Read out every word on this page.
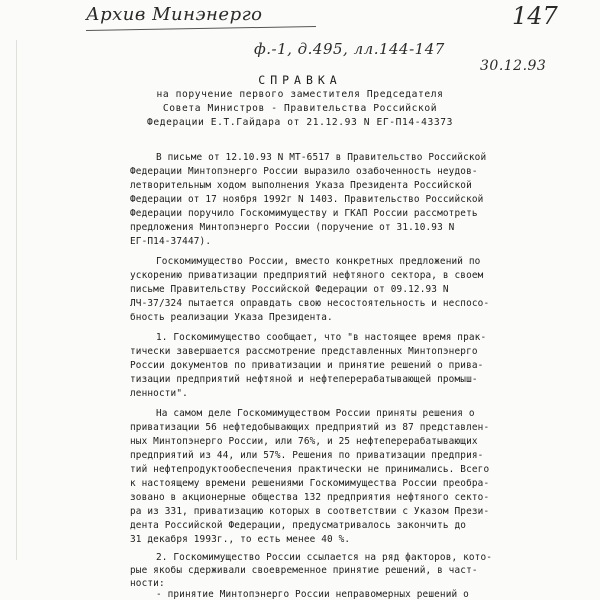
Архив Минэнерго
ф.-1, д.495, лл.144-147
147
30.12.93
СПРАВКА
на поручение первого заместителя Председателя
Совета Министров - Правительства Российской
Федерации Е.Т.Гайдара от 21.12.93 N ЕГ-П14-43373
В письме от 12.10.93 N МТ-6517 в Правительство Российской
Федерации Минтопэнерго России выразило озабоченность неудов-
летворительным ходом выполнения Указа Президента Российской
Федерации от 17 ноября 1992г N 1403. Правительство Российской
Федерации поручило Госкомимуществу и ГКАП России рассмотреть
предложения Минтопэнерго России (поручение от 31.10.93 N
ЕГ-П14-37447).
Госкомимущество России, вместо конкретных предложений по
ускорению приватизации предприятий нефтяного сектора, в своем
письме Правительству Российской Федерации от 09.12.93 N
ЛЧ-37/324 пытается оправдать свою несостоятельность и неспосо-
бность реализации Указа Президента.
1. Госкомимущество сообщает, что "в настоящее время прак-
тически завершается рассмотрение представленных Минтопэнерго
России документов по приватизации и принятие решений о прива-
тизации предприятий нефтяной и нефтеперерабатывающей промыш-
ленности".
На самом деле Госкомимуществом России приняты решения о
приватизации 56 нефтедобывающих предприятий из 87 представлен-
ных Минтопэнерго России, или 76%, и 25 нефтеперерабатывающих
предприятий из 44, или 57%. Решения по приватизации предприя-
тий нефтепродуктообеспечения практически не принимались. Всего
к настоящему времени решениями Госкомимущества России преобра-
зовано в акционерные общества 132 предприятия нефтяного секто-
ра из 331, приватизацию которых в соответствии с Указом Прези-
дента Российской Федерации, предусматривалось закончить до
31 декабря 1993г., то есть менее 40 %.
2. Госкомимущество России ссылается на ряд факторов, кото-
рые якобы сдерживали своевременное принятие решений, в част-
ности:
- принятие Минтопэнерго России неправомерных решений о
